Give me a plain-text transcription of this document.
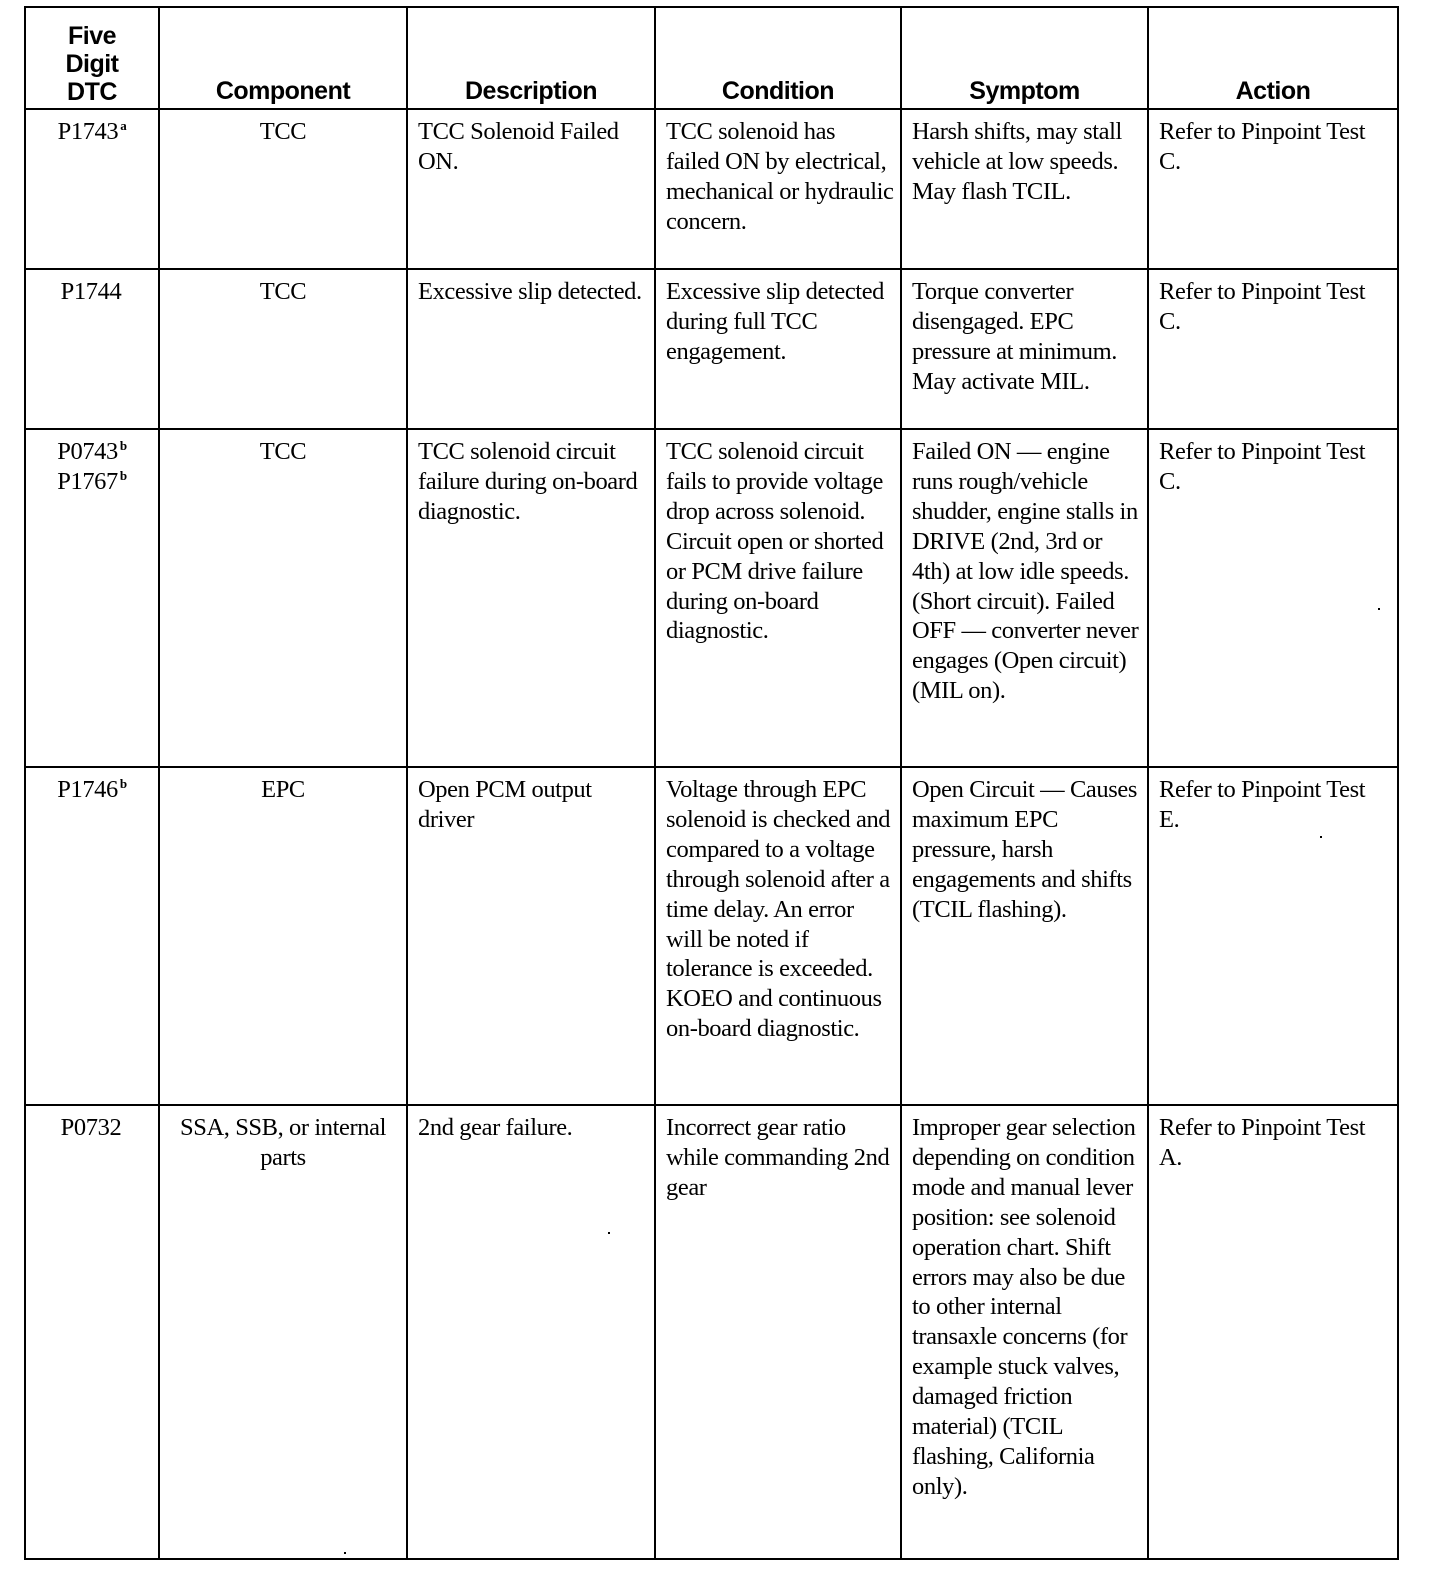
Five
Digit
DTC	Component	Description	Condition	Symptom	Action

P1743 $^a$	TCC	TCC Solenoid Failed ON.	TCC solenoid has failed ON by electrical, mechanical or hydraulic concern.	Harsh shifts, may stall vehicle at low speeds. May flash TCIL.	Refer to Pinpoint Test C.

P1744	TCC	Excessive slip detected.	Excessive slip detected during full TCC engagement.	Torque converter disengaged. EPC pressure at minimum. May activate MIL.	Refer to Pinpoint Test C.

P0743 $^b$
P1767 $^b$	TCC	TCC solenoid circuit failure during on-board diagnostic.	TCC solenoid circuit fails to provide voltage drop across solenoid. Circuit open or shorted or PCM drive failure during on-board diagnostic.	Failed ON — engine runs rough/vehicle shudder, engine stalls in DRIVE (2nd, 3rd or 4th) at low idle speeds. (Short circuit). Failed OFF — converter never engages (Open circuit) (MIL on).	Refer to Pinpoint Test C.

P1746 $^b$	EPC	Open PCM output driver	Voltage through EPC solenoid is checked and compared to a voltage through solenoid after a time delay. An error will be noted if tolerance is exceeded. KOEO and continuous on-board diagnostic.	Open Circuit — Causes maximum EPC pressure, harsh engagements and shifts (TCIL flashing).	Refer to Pinpoint Test E.

P0732	SSA, SSB, or internal parts	2nd gear failure.	Incorrect gear ratio while commanding 2nd gear	Improper gear selection depending on condition mode and manual lever position: see solenoid operation chart. Shift errors may also be due to other internal transaxle concerns (for example stuck valves, damaged friction material) (TCIL flashing, California only).	Refer to Pinpoint Test A.
